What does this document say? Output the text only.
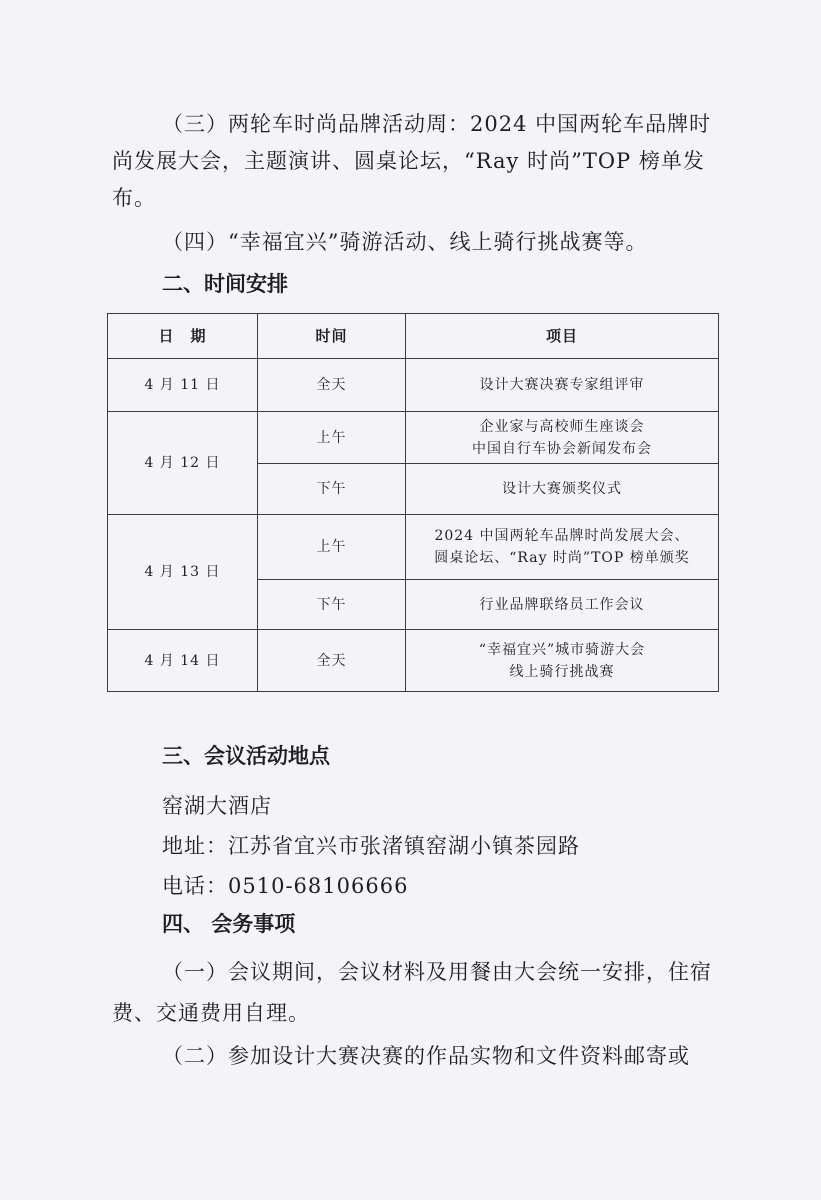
（三）两轮车时尚品牌活动周：2024 中国两轮车品牌时尚发展大会，主题演讲、圆桌论坛，“Ray 时尚”TOP 榜单发布。

（四）“幸福宜兴”骑游活动、线上骑行挑战赛等。

二、时间安排
日　期	时间	项目
4 月 11 日	全天	设计大赛决赛专家组评审

4 月 12 日	上午	企业家与高校师生座谈会
中国自行车协会新闻发布会

	下午	设计大赛颁奖仪式

4 月 13 日	上午	2024 中国两轮车品牌时尚发展大会、
圆桌论坛、“Ray 时尚”TOP 榜单颁奖

	下午	行业品牌联络员工作会议

4 月 14 日	全天	“幸福宜兴”城市骑游大会
线上骑行挑战赛
三、会议活动地点

窑湖大酒店

地址：江苏省宜兴市张渚镇窑湖小镇茶园路

电话：0510-68106666

四、 会务事项

（一）会议期间，会议材料及用餐由大会统一安排，住宿费、交通费用自理。

（二）参加设计大赛决赛的作品实物和文件资料邮寄或
